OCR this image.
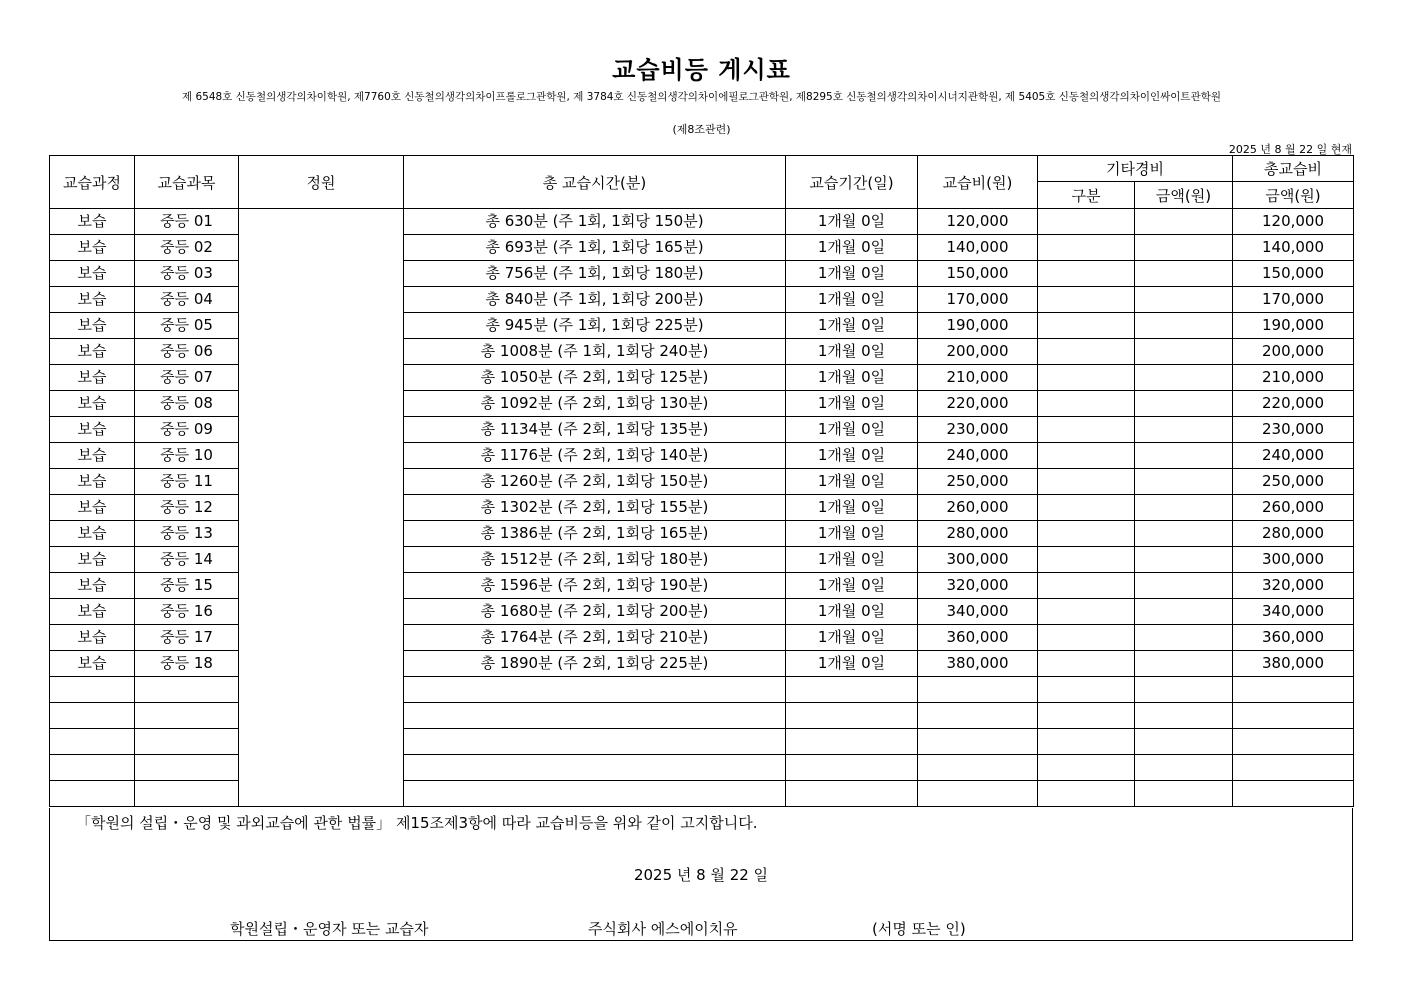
교습비등 게시표
제 6548호 신동철의생각의차이학원, 제7760호 신동철의생각의차이프롤로그관학원, 제 3784호 신동철의생각의차이에필로그관학원, 제8295호 신동철의생각의차이시너지관학원, 제 5405호 신동철의생각의차이인싸이트관학원
(제8조관련)
2025 년 8 월 22 일 현재
교습과정	교습과목	정원	총 교습시간(분)	교습기간(일)	교습비(원)	기타경비		총교습비
						구분	금액(원)	금액(원)
보습	중등 01		총 630분 (주 1회, 1회당 150분)	1개월 0일	120,000			120,000
보습	중등 02		총 693분 (주 1회, 1회당 165분)	1개월 0일	140,000			140,000
보습	중등 03		총 756분 (주 1회, 1회당 180분)	1개월 0일	150,000			150,000
보습	중등 04		총 840분 (주 1회, 1회당 200분)	1개월 0일	170,000			170,000
보습	중등 05		총 945분 (주 1회, 1회당 225분)	1개월 0일	190,000			190,000
보습	중등 06		총 1008분 (주 1회, 1회당 240분)	1개월 0일	200,000			200,000
보습	중등 07		총 1050분 (주 2회, 1회당 125분)	1개월 0일	210,000			210,000
보습	중등 08		총 1092분 (주 2회, 1회당 130분)	1개월 0일	220,000			220,000
보습	중등 09		총 1134분 (주 2회, 1회당 135분)	1개월 0일	230,000			230,000
보습	중등 10		총 1176분 (주 2회, 1회당 140분)	1개월 0일	240,000			240,000
보습	중등 11		총 1260분 (주 2회, 1회당 150분)	1개월 0일	250,000			250,000
보습	중등 12		총 1302분 (주 2회, 1회당 155분)	1개월 0일	260,000			260,000
보습	중등 13		총 1386분 (주 2회, 1회당 165분)	1개월 0일	280,000			280,000
보습	중등 14		총 1512분 (주 2회, 1회당 180분)	1개월 0일	300,000			300,000
보습	중등 15		총 1596분 (주 2회, 1회당 190분)	1개월 0일	320,000			320,000
보습	중등 16		총 1680분 (주 2회, 1회당 200분)	1개월 0일	340,000			340,000
보습	중등 17		총 1764분 (주 2회, 1회당 210분)	1개월 0일	360,000			360,000
보습	중등 18		총 1890분 (주 2회, 1회당 225분)	1개월 0일	380,000			380,000

「학원의 설립・운영 및 과외교습에 관한 법률」 제15조제3항에 따라 교습비등을 위와 같이 고지합니다.
2025 년 8 월 22 일
학원설립・운영자 또는 교습자	주식회사 에스에이치유	(서명 또는 인)
